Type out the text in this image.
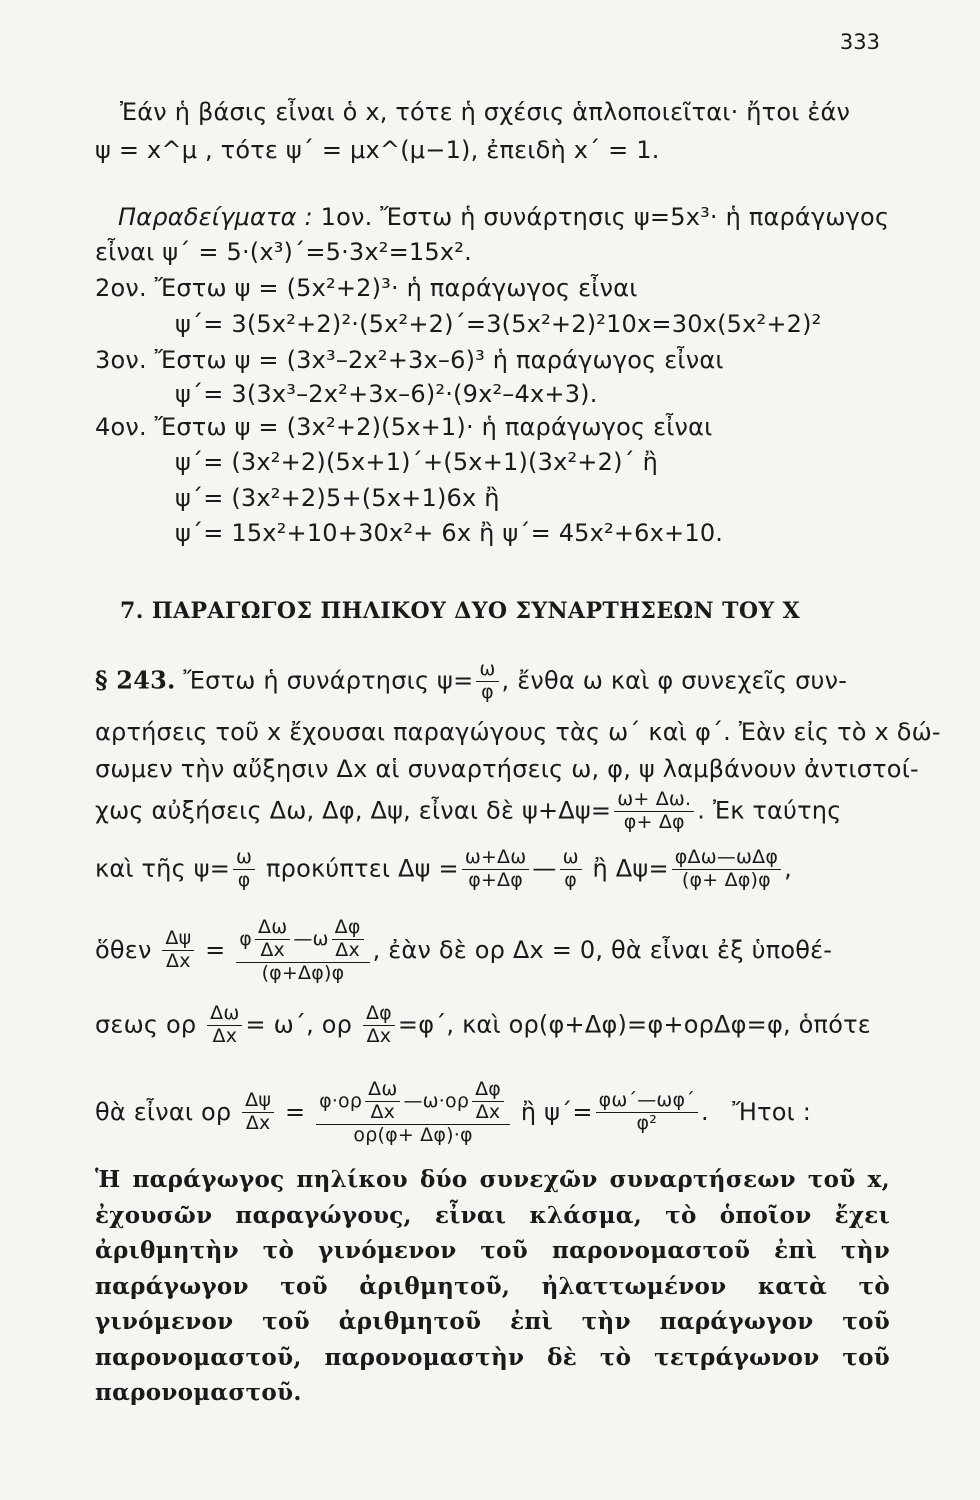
333
Ἐάν ἡ βάσις εἶναι ὁ x, τότε ἡ σχέσις ἁπλοποιεῖται· ἤτοι ἐάν
ψ = x^μ , τότε ψ΄ = μx^(μ−1), ἐπειδὴ x΄ = 1.
Παραδείγματα : 1ον. Ἔστω ἡ συνάρτησις ψ=5x³· ἡ παράγωγος
εἶναι ψ΄ = 5·(x³)΄=5·3x²=15x².
2ον. Ἔστω ψ = (5x²+2)³· ἡ παράγωγος εἶναι
ψ΄= 3(5x²+2)²·(5x²+2)΄=3(5x²+2)²10x=30x(5x²+2)²
3ον. Ἔστω ψ = (3x³–2x²+3x–6)³ ἡ παράγωγος εἶναι
ψ΄= 3(3x³–2x²+3x–6)²·(9x²–4x+3).
4ον. Ἔστω ψ = (3x²+2)(5x+1)· ἡ παράγωγος εἶναι
ψ΄= (3x²+2)(5x+1)΄+(5x+1)(3x²+2)΄ ἢ
ψ΄= (3x²+2)5+(5x+1)6x ἢ
ψ΄= 15x²+10+30x²+ 6x ἢ ψ΄= 45x²+6x+10.
7. ΠΑΡΑΓΩΓΟΣ ΠΗΛΙΚΟΥ ΔΥΟ ΣΥΝΑΡΤΗΣΕΩΝ ΤΟΥ X
§ 243. Ἔστω ἡ συνάρτησις $\psi= \frac{\omega}{\varphi}$ , ἔνθα ω καὶ φ συνεχεῖς συν-
αρτήσεις τοῦ x ἔχουσαι παραγώγους τὰς ω΄ καὶ φ΄. Ἐὰν εἰς τὸ x δώ-
σωμεν τὴν αὔξησιν Δx αἱ συναρτήσεις ω, φ, ψ λαμβάνουν ἀντιστοί-
χως αὐξήσεις Δω, Δφ, Δψ, εἶναι δὲ $\psi+\Delta\psi= \frac{\omega+ \Delta\omega.}{\varphi+ \Delta\varphi}$ . Ἐκ ταύτης
καὶ τῆς $\psi= \frac{\omega}{\varphi}$ προκύπτει $\Delta\psi = \frac{\omega+\Delta\omega}{\varphi+\Delta\varphi}$ — $\frac{\omega}{\varphi}$ ἢ $\Delta\psi= \frac{\text{φΔω—ωΔφ}}{(\varphi+ \Delta\varphi)\varphi}$ ,
ὅθεν $\frac{\Delta\psi}{\Delta x} = \frac{\varphi \frac{\Delta\omega}{\Delta x} —\omega \frac{\Delta\varphi}{\Delta x}}{(\varphi+\Delta\varphi)\varphi}$ , ἐὰν δὲ ορ Δx = 0, θὰ εἶναι ἐξ ὑποθέ-
σεως ορ $\frac{\Delta\omega}{\Delta x} = \omega΄$, ορ $\frac{\Delta\varphi}{\Delta x} =\varphi΄$, καὶ ορ(φ+Δφ)=φ+ορΔφ=φ, ὁπότε
θὰ εἶναι ορ $\frac{\Delta\psi}{\Delta x} = \frac{\varphi\cdot o\rho \frac{\Delta\omega}{\Delta x} —\omega\cdot o\rho \frac{\Delta\varphi}{\Delta x}}{o\rho(\varphi+ \Delta\varphi)\cdot\varphi}$ ἢ $\psi΄= \frac{\varphi\omega΄—\omega\varphi΄}{\text{φ²}}$ .   Ἤτοι :
Ἡ παράγωγος πηλίκου δύο συνεχῶν συναρτήσεων τοῦ x, ἐχουσῶν παραγώγους, εἶναι κλάσμα, τὸ ὁποῖον ἔχει ἀριθμητὴν τὸ γινόμενον τοῦ παρονομαστοῦ ἐπὶ τὴν παράγωγον τοῦ ἀριθμητοῦ, ἠλαττωμένον κατὰ τὸ γινόμενον τοῦ ἀριθμητοῦ ἐπὶ τὴν παράγωγον τοῦ παρονομαστοῦ, παρονομαστὴν δὲ τὸ τετράγωνον τοῦ παρονομαστοῦ.
